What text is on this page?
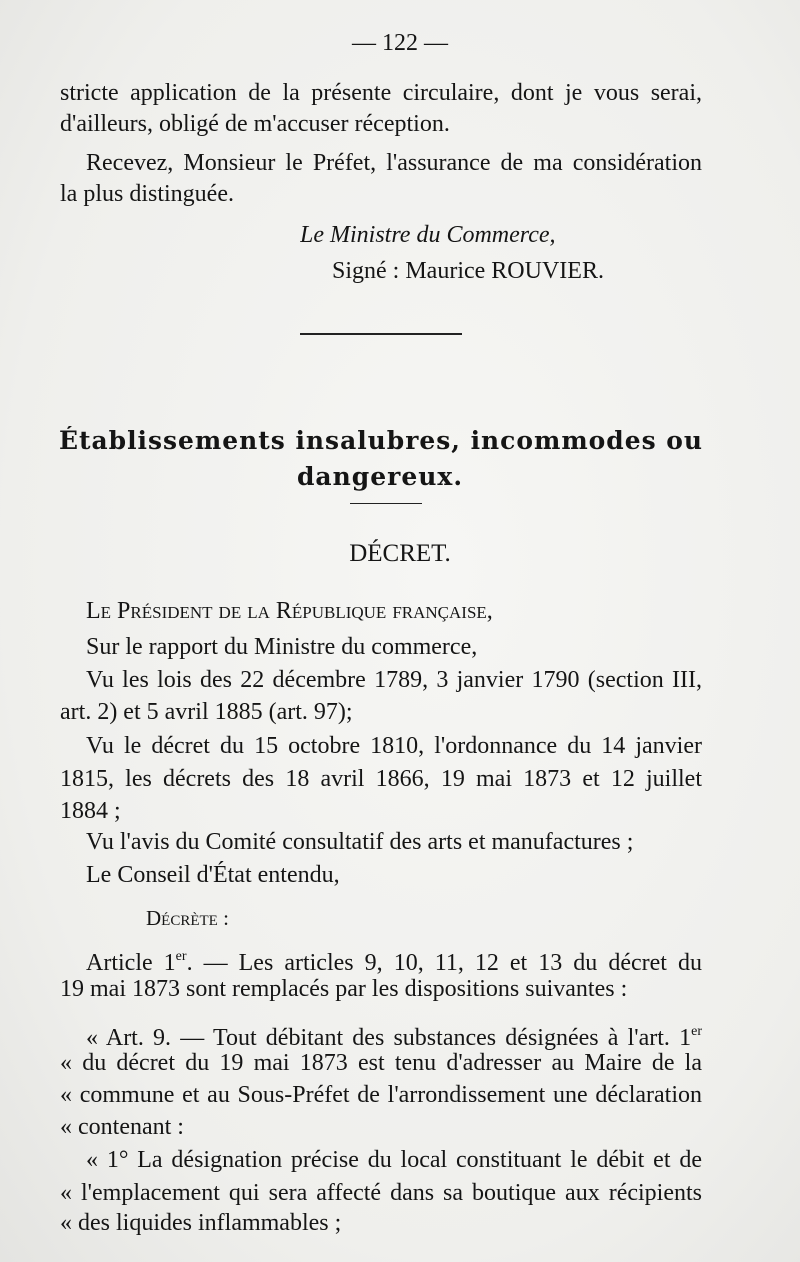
— 122 —
stricte application de la présente circulaire, dont je vous serai,
d'ailleurs, obligé de m'accuser réception.
Recevez, Monsieur le Préfet, l'assurance de ma considération
la plus distinguée.
Le Ministre du Commerce,
Signé : Maurice ROUVIER.
Établissements insalubres, incommodes ou
dangereux.
DÉCRET.
Le Président de la République française,
Sur le rapport du Ministre du commerce,
Vu les lois des 22 décembre 1789, 3 janvier 1790 (section III,
art. 2) et 5 avril 1885 (art. 97);
Vu le décret du 15 octobre 1810, l'ordonnance du 14 janvier
1815, les décrets des 18 avril 1866, 19 mai 1873 et 12 juillet
1884 ;
Vu l'avis du Comité consultatif des arts et manufactures ;
Le Conseil d'État entendu,
Décrète :
Article 1er. — Les articles 9, 10, 11, 12 et 13 du décret du
19 mai 1873 sont remplacés par les dispositions suivantes :
« Art. 9. — Tout débitant des substances désignées à l'art. 1er
« du décret du 19 mai 1873 est tenu d'adresser au Maire de la
« commune et au Sous-Préfet de l'arrondissement une déclaration
« contenant :
« 1° La désignation précise du local constituant le débit et de
« l'emplacement qui sera affecté dans sa boutique aux récipients
« des liquides inflammables ;
